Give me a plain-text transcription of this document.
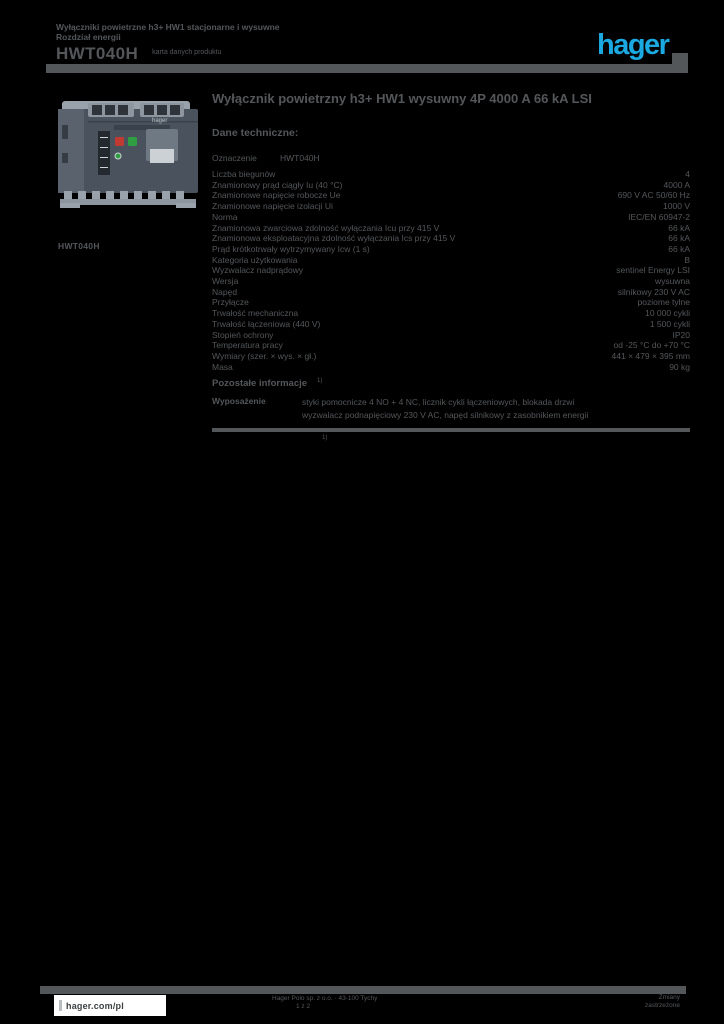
Wyłączniki powietrzne h3+ HW1 stacjonarne i wysuwne
Rozdział energii
HWT040H karta danych produktu	hager
hager
HWT040H
Wyłącznik powietrzny h3+ HW1 wysuwny 4P 4000 A 66 kA LSI
Dane techniczne:
Oznaczenie	HWT040H
Liczba biegunów	4
Znamionowy prąd ciągły Iu (40 °C)	4000 A
Znamionowe napięcie robocze Ue	690 V AC 50/60 Hz
Znamionowe napięcie izolacji Ui	1000 V
Norma	IEC/EN 60947-2
Znamionowa zwarciowa zdolność wyłączania Icu przy 415 V	66 kA
Znamionowa eksploatacyjna zdolność wyłączania Ics przy 415 V	66 kA
Prąd krótkotrwały wytrzymywany Icw (1 s)	66 kA
Kategoria użytkowania	B
Wyzwalacz nadprądowy	sentinel Energy LSI
Wersja	wysuwna
Napęd	silnikowy 230 V AC
Przyłącze	poziome tylne
Trwałość mechaniczna	10 000 cykli
Trwałość łączeniowa (440 V)	1 500 cykli
Stopień ochrony	IP20
Temperatura pracy	od -25 °C do +70 °C
Wymiary (szer. × wys. × gł.)	441 × 479 × 395 mm
Masa	90 kg
Pozostałe informacje $^{1)}$
Wyposażenie	styki pomocnicze 4 NO + 4 NC, licznik cykli łączeniowych, blokada drzwi
wyzwalacz podnapięciowy 230 V AC, napęd silnikowy z zasobnikiem energii
1)
hager.com/pl
Hager Polo sp. z o.o. · 43-100 Tychy
1 z 2
Zmiany
zastrzeżone
